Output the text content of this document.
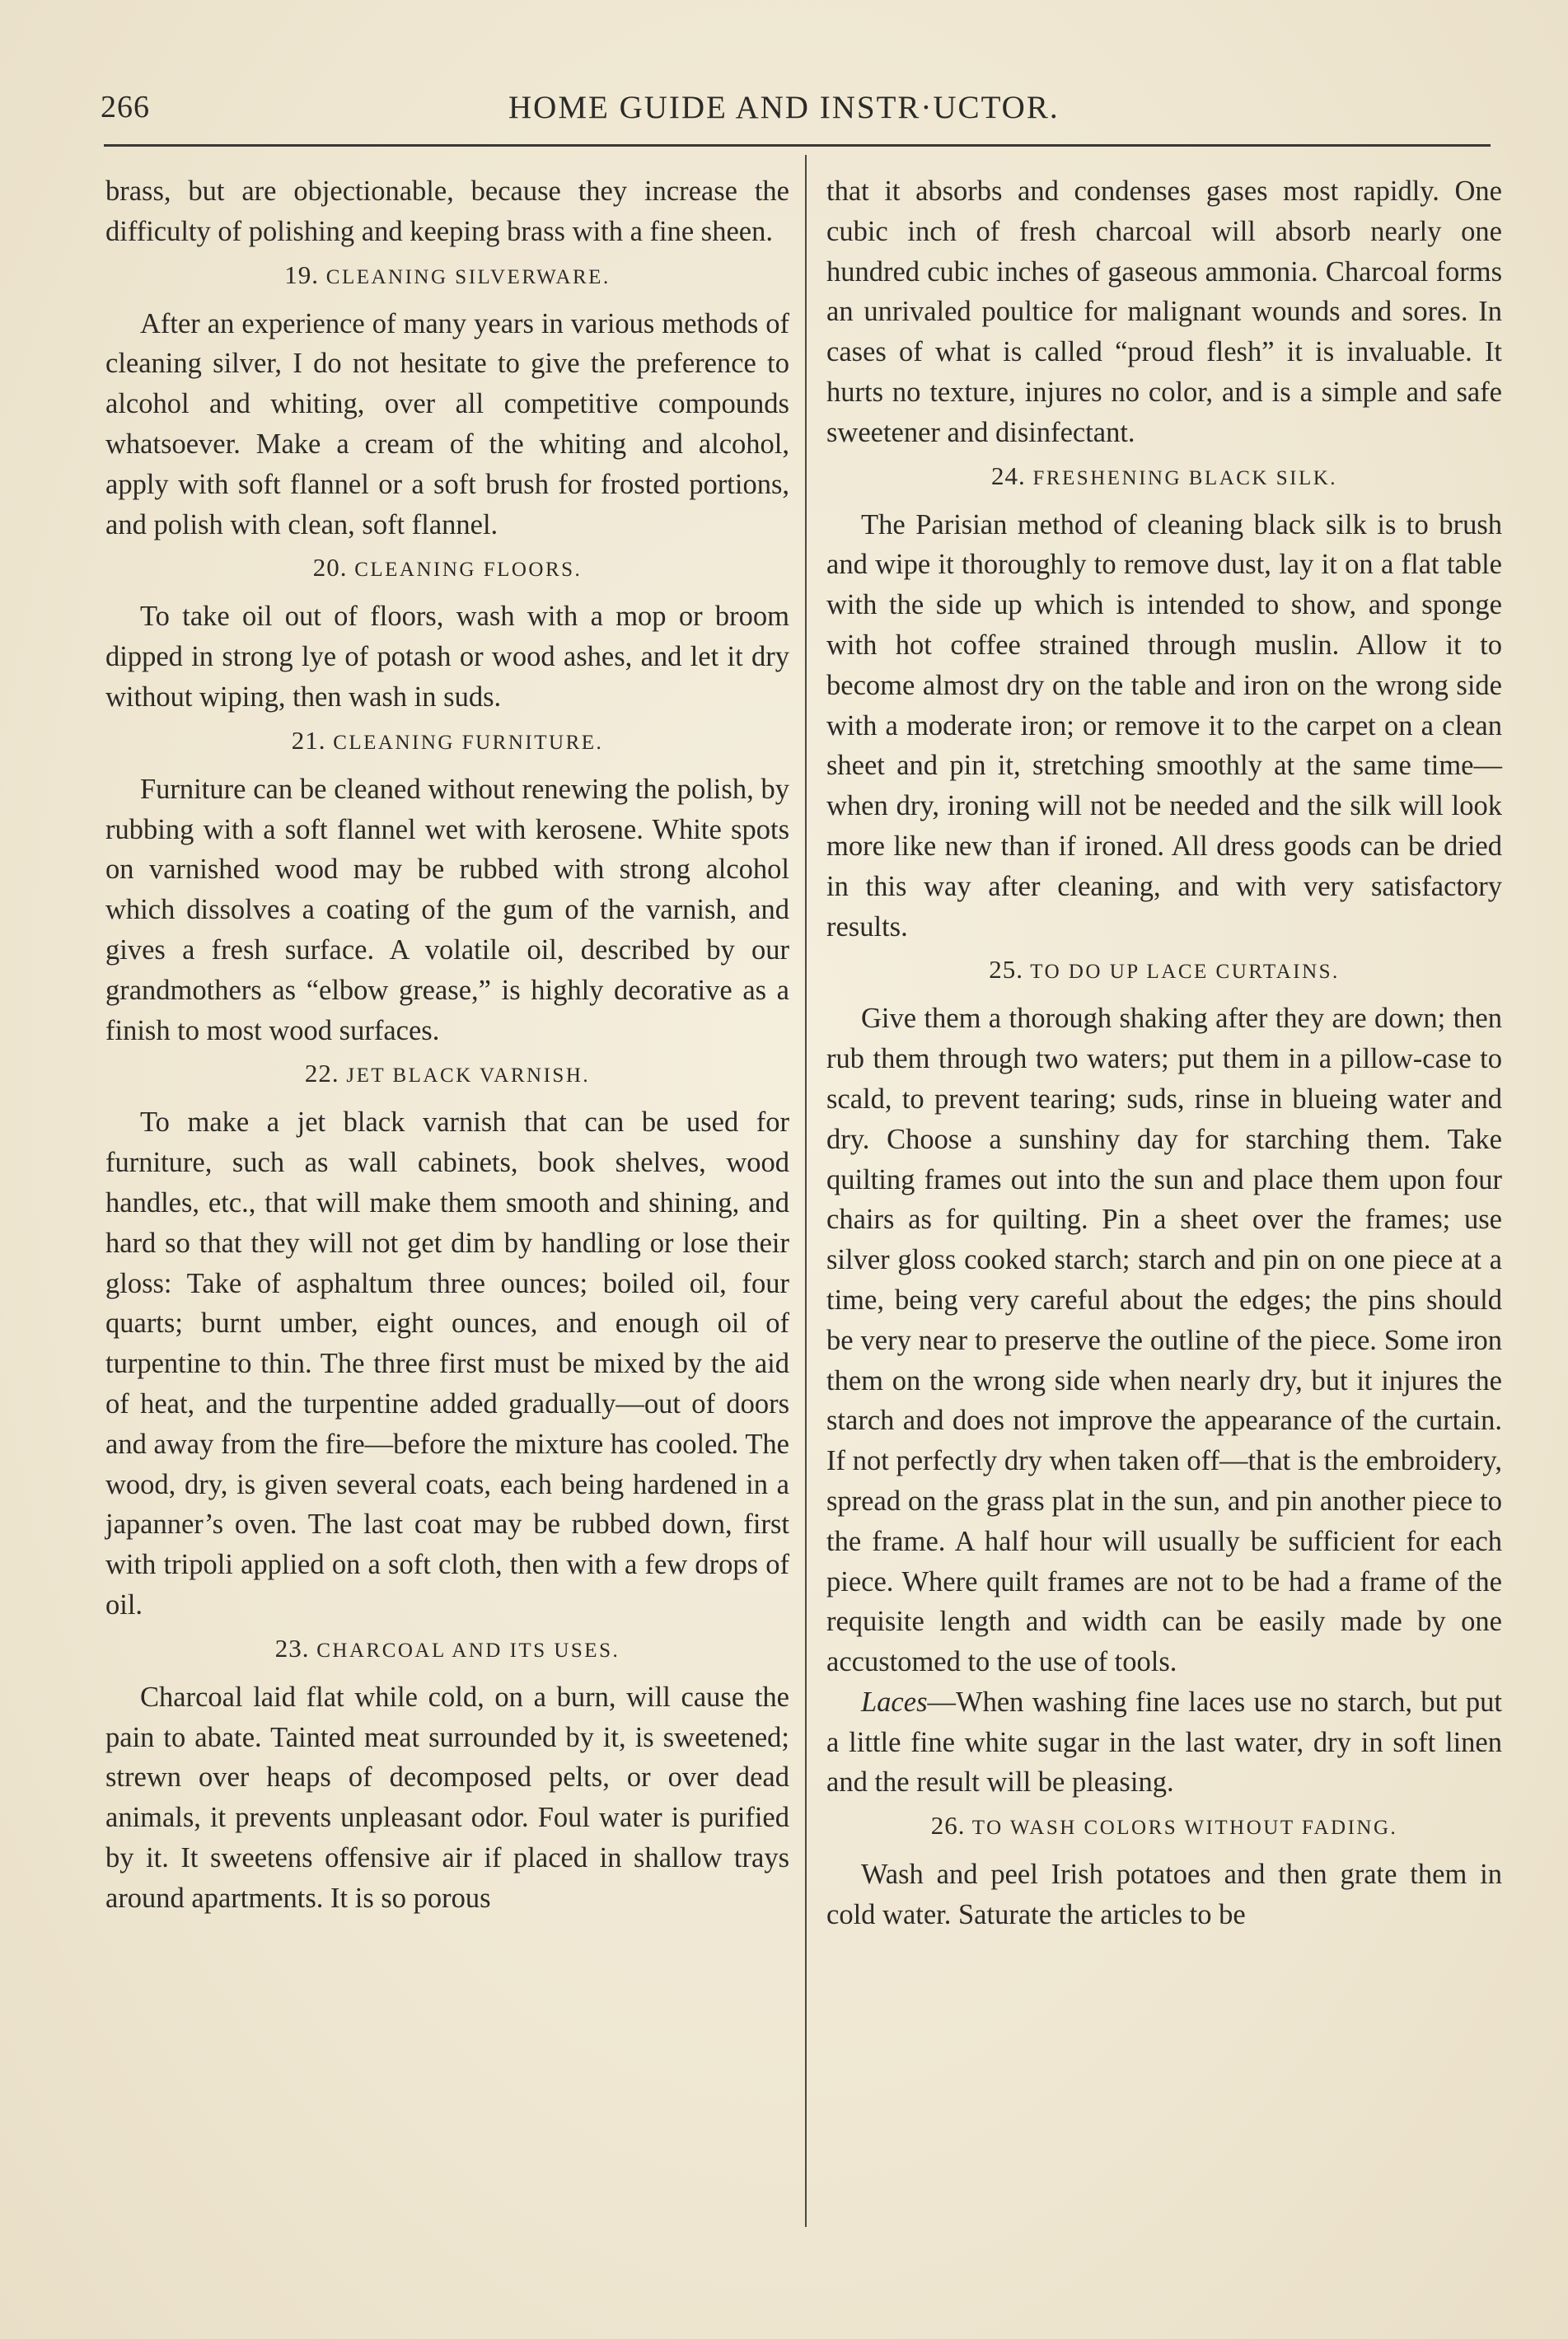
266	HOME GUIDE AND INSTR·UCTOR.

brass, but are objectionable, because they increase the difficulty of polishing and keeping brass with a fine sheen.

19. CLEANING SILVERWARE.

After an experience of many years in various methods of cleaning silver, I do not hesitate to give the preference to alcohol and whiting, over all competitive compounds whatsoever. Make a cream of the whiting and alcohol, apply with soft flannel or a soft brush for frosted portions, and polish with clean, soft flannel.

20. CLEANING FLOORS.

To take oil out of floors, wash with a mop or broom dipped in strong lye of potash or wood ashes, and let it dry without wiping, then wash in suds.

21. CLEANING FURNITURE.

Furniture can be cleaned without renewing the polish, by rubbing with a soft flannel wet with kerosene. White spots on varnished wood may be rubbed with strong alcohol which dissolves a coating of the gum of the varnish, and gives a fresh surface. A volatile oil, described by our grandmothers as “elbow grease,” is highly decorative as a finish to most wood surfaces.

22. JET BLACK VARNISH.

To make a jet black varnish that can be used for furniture, such as wall cabinets, book shelves, wood handles, etc., that will make them smooth and shining, and hard so that they will not get dim by handling or lose their gloss: Take of asphaltum three ounces; boiled oil, four quarts; burnt umber, eight ounces, and enough oil of turpentine to thin. The three first must be mixed by the aid of heat, and the turpentine added gradually—out of doors and away from the fire—before the mixture has cooled. The wood, dry, is given several coats, each being hardened in a japanner’s oven. The last coat may be rubbed down, first with tripoli applied on a soft cloth, then with a few drops of oil.

23. CHARCOAL AND ITS USES.

Charcoal laid flat while cold, on a burn, will cause the pain to abate. Tainted meat surrounded by it, is sweetened; strewn over heaps of decomposed pelts, or over dead animals, it prevents unpleasant odor. Foul water is purified by it. It sweetens offensive air if placed in shallow trays around apartments. It is so porous

that it absorbs and condenses gases most rapidly. One cubic inch of fresh charcoal will absorb nearly one hundred cubic inches of gaseous ammonia. Charcoal forms an unrivaled poultice for malignant wounds and sores. In cases of what is called “proud flesh” it is invaluable. It hurts no texture, injures no color, and is a simple and safe sweetener and disinfectant.

24. FRESHENING BLACK SILK.

The Parisian method of cleaning black silk is to brush and wipe it thoroughly to remove dust, lay it on a flat table with the side up which is intended to show, and sponge with hot coffee strained through muslin. Allow it to become almost dry on the table and iron on the wrong side with a moderate iron; or remove it to the carpet on a clean sheet and pin it, stretching smoothly at the same time—when dry, ironing will not be needed and the silk will look more like new than if ironed. All dress goods can be dried in this way after cleaning, and with very satisfactory results.

25. TO DO UP LACE CURTAINS.

Give them a thorough shaking after they are down; then rub them through two waters; put them in a pillow-case to scald, to prevent tearing; suds, rinse in blueing water and dry. Choose a sunshiny day for starching them. Take quilting frames out into the sun and place them upon four chairs as for quilting. Pin a sheet over the frames; use silver gloss cooked starch; starch and pin on one piece at a time, being very careful about the edges; the pins should be very near to preserve the outline of the piece. Some iron them on the wrong side when nearly dry, but it injures the starch and does not improve the appearance of the curtain. If not perfectly dry when taken off—that is the embroidery, spread on the grass plat in the sun, and pin another piece to the frame. A half hour will usually be sufficient for each piece. Where quilt frames are not to be had a frame of the requisite length and width can be easily made by one accustomed to the use of tools.

Laces—When washing fine laces use no starch, but put a little fine white sugar in the last water, dry in soft linen and the result will be pleasing.

26. TO WASH COLORS WITHOUT FADING.

Wash and peel Irish potatoes and then grate them in cold water. Saturate the articles to be
